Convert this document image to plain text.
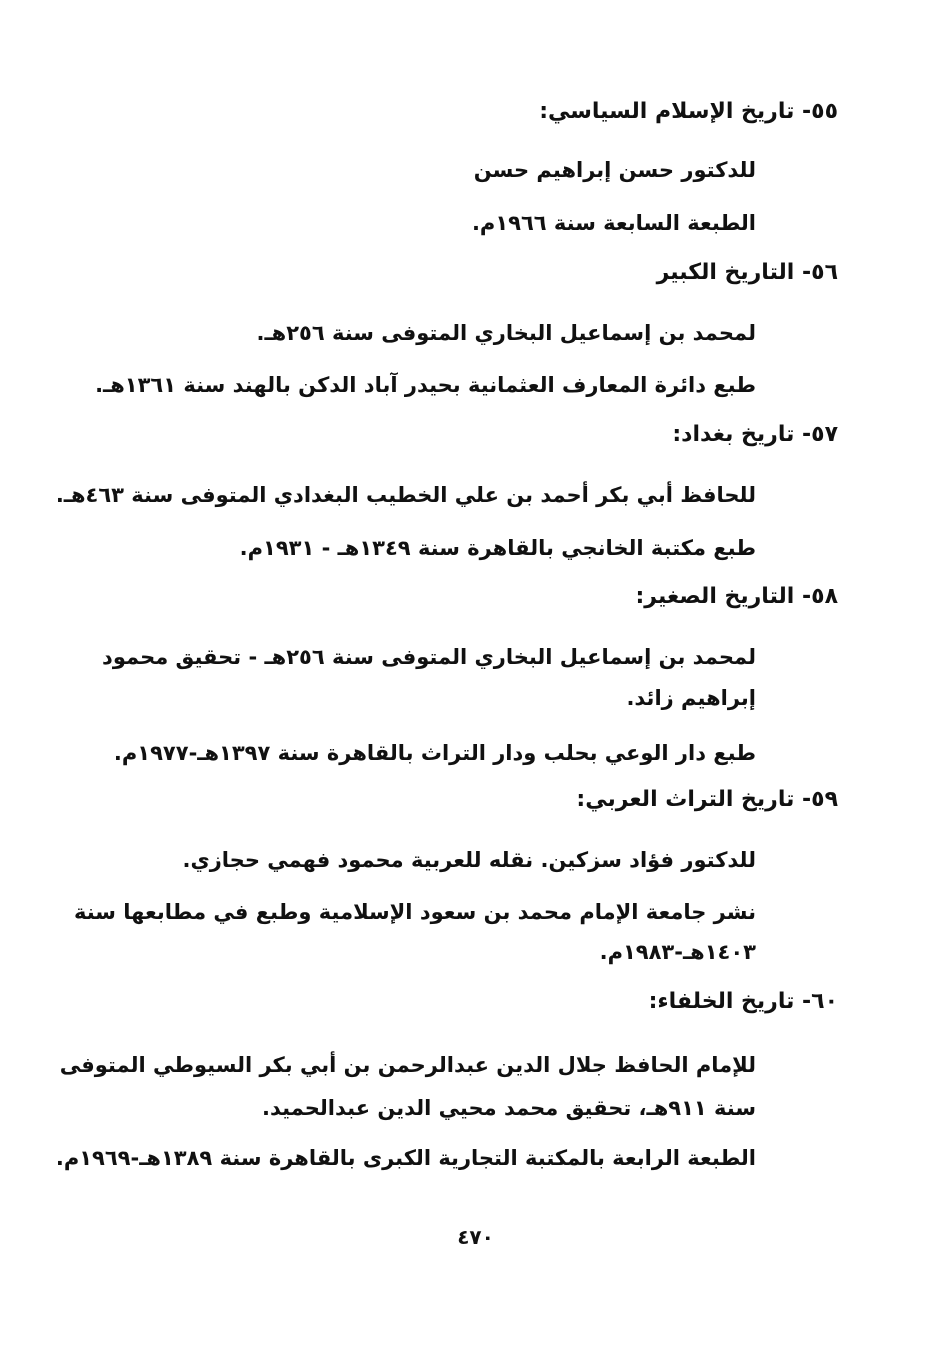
٥٥- تاريخ الإسلام السياسي:
للدكتور حسن إبراهيم حسن
الطبعة السابعة سنة ١٩٦٦م.
٥٦- التاريخ الكبير
لمحمد بن إسماعيل البخاري المتوفى سنة ٢٥٦هـ.
طبع دائرة المعارف العثمانية بحيدر آباد الدكن بالهند سنة ١٣٦١هـ.
٥٧- تاريخ بغداد:
للحافظ أبي بكر أحمد بن علي الخطيب البغدادي المتوفى سنة ٤٦٣هـ.
طبع مكتبة الخانجي بالقاهرة سنة ١٣٤٩هـ - ١٩٣١م.
٥٨- التاريخ الصغير:
لمحمد بن إسماعيل البخاري المتوفى سنة ٢٥٦هـ - تحقيق محمود
إبراهيم زائد.
طبع دار الوعي بحلب ودار التراث بالقاهرة سنة ١٣٩٧هـ-١٩٧٧م.
٥٩- تاريخ التراث العربي:
للدكتور فؤاد سزكين. نقله للعربية محمود فهمي حجازي.
نشر جامعة الإمام محمد بن سعود الإسلامية وطبع في مطابعها سنة
١٤٠٣هـ-١٩٨٣م.
٦٠- تاريخ الخلفاء:
للإمام الحافظ جلال الدين عبدالرحمن بن أبي بكر السيوطي المتوفى
سنة ٩١١هـ، تحقيق محمد محيي الدين عبدالحميد.
الطبعة الرابعة بالمكتبة التجارية الكبرى بالقاهرة سنة ١٣٨٩هـ-١٩٦٩م.
٤٧٠
